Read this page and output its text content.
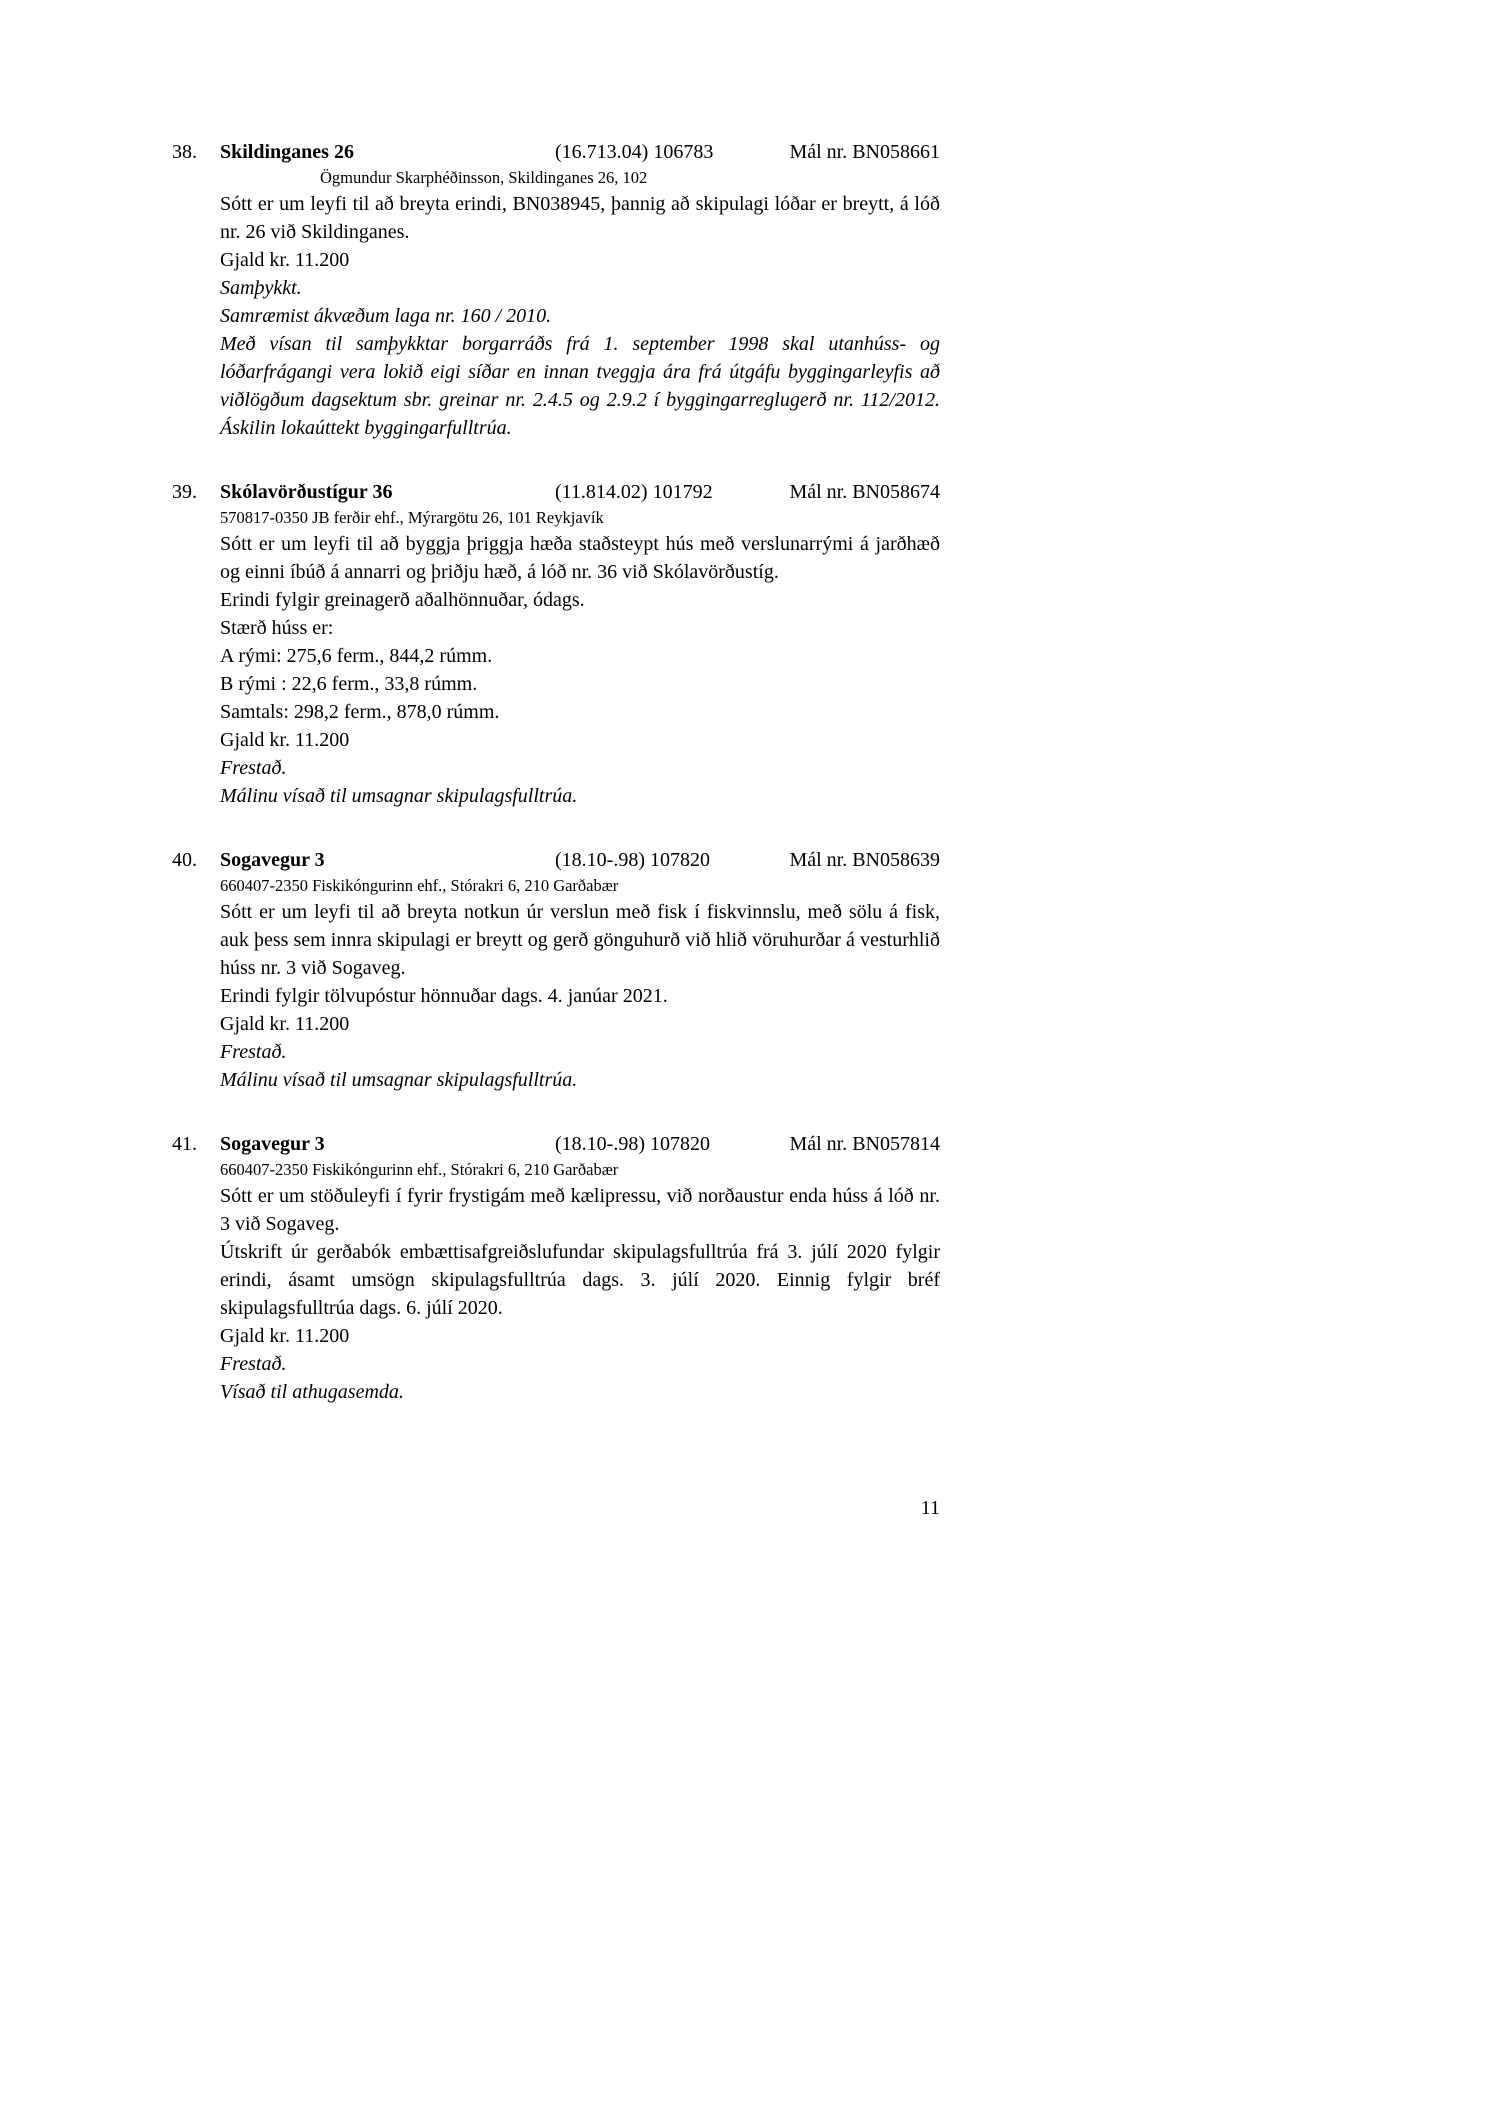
38. Skildinganes 26	(16.713.04) 106783	Mál nr. BN058661
Ögmundur Skarphéðinsson, Skildinganes 26, 102

Sótt er um leyfi til að breyta erindi, BN038945, þannig að skipulagi lóðar er breytt, á lóð nr. 26 við Skildinganes.

Gjald kr. 11.200

Samþykkt.

Samræmist ákvæðum laga nr. 160 / 2010.

Með vísan til samþykktar borgarráðs frá 1. september 1998 skal utanhúss- og lóðarfrágangi vera lokið eigi síðar en innan tveggja ára frá útgáfu byggingarleyfis að viðlögðum dagsektum sbr. greinar nr. 2.4.5 og 2.9.2 í byggingarreglugerð nr. 112/2012. Áskilin lokaúttekt byggingarfulltrúa.

39. Skólavörðustígur 36	(11.814.02) 101792	Mál nr. BN058674
570817-0350 JB ferðir ehf., Mýrargötu 26, 101 Reykjavík

Sótt er um leyfi til að byggja þriggja hæða staðsteypt hús með verslunarrými á jarðhæð og einni íbúð á annarri og þriðju hæð, á lóð nr. 36 við Skólavörðustíg.

Erindi fylgir greinagerð aðalhönnuðar, ódags.

Stærð húss er:

A rými: 275,6 ferm., 844,2 rúmm.

B rými : 22,6 ferm., 33,8 rúmm.

Samtals: 298,2 ferm., 878,0 rúmm.

Gjald kr. 11.200

Frestað.

Málinu vísað til umsagnar skipulagsfulltrúa.

40. Sogavegur 3	(18.10-.98) 107820	Mál nr. BN058639
660407-2350 Fiskikóngurinn ehf., Stórakri 6, 210 Garðabær

Sótt er um leyfi til að breyta notkun úr verslun með fisk í fiskvinnslu, með sölu á fisk, auk þess sem innra skipulagi er breytt og gerð gönguhurð við hlið vöruhurðar á vesturhlið húss nr. 3 við Sogaveg.

Erindi fylgir tölvupóstur hönnuðar dags. 4. janúar 2021.

Gjald kr. 11.200

Frestað.

Málinu vísað til umsagnar skipulagsfulltrúa.

41. Sogavegur 3	(18.10-.98) 107820	Mál nr. BN057814
660407-2350 Fiskikóngurinn ehf., Stórakri 6, 210 Garðabær

Sótt er um stöðuleyfi í fyrir frystigám með kælipressu, við norðaustur enda húss á lóð nr. 3 við Sogaveg.

Útskrift úr gerðabók embættisafgreiðslufundar skipulagsfulltrúa frá 3. júlí 2020 fylgir erindi, ásamt umsögn skipulagsfulltrúa dags. 3. júlí 2020. Einnig fylgir bréf skipulagsfulltrúa dags. 6. júlí 2020.

Gjald kr. 11.200

Frestað.

Vísað til athugasemda.

11
